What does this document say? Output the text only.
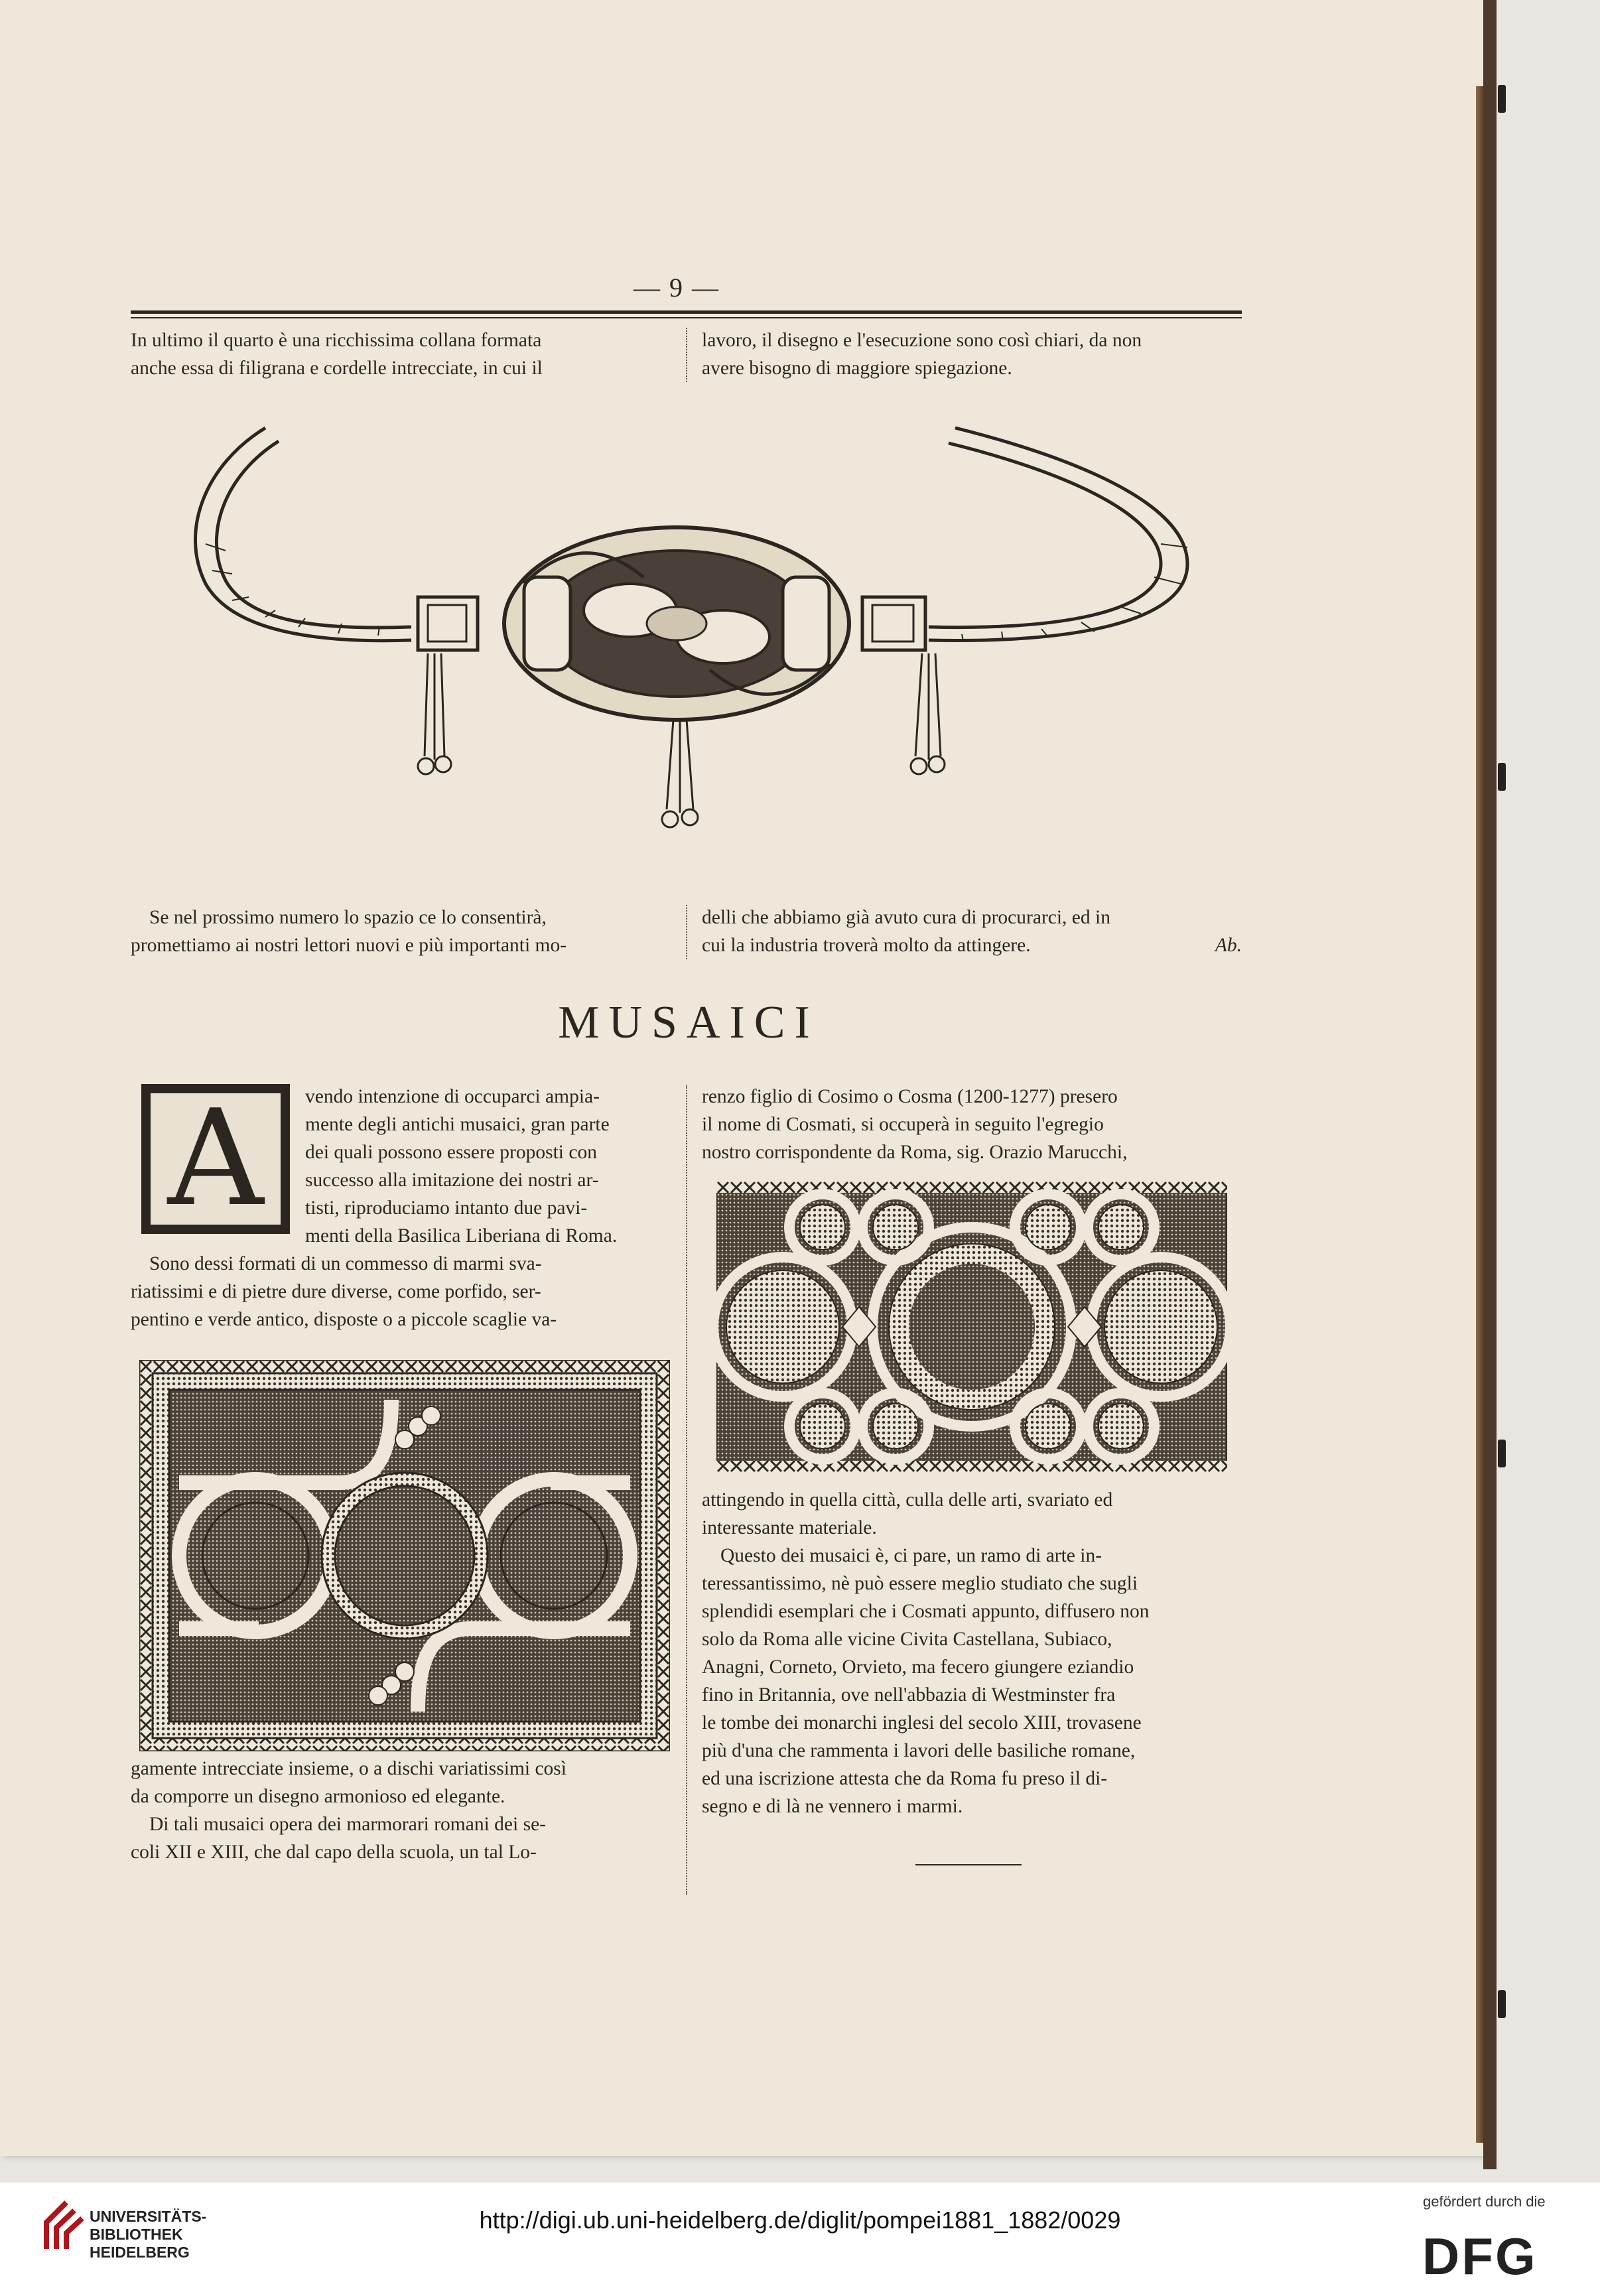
— 9 —
In ultimo il quarto è una ricchissima collana formata
anche essa di filigrana e cordelle intrecciate, in cui il
lavoro, il disegno e l'esecuzione sono così chiari, da non
avere bisogno di maggiore spiegazione.

Se nel prossimo numero lo spazio ce lo consentirà,

promettiamo ai nostri lettori nuovi e più importanti mo-

delli che abbiamo già avuto cura di procurarci, ed in

cui la industria troverà molto da attingere.	Ab.

MUSAICI
A vendo intenzione di occuparci ampia-
mente degli antichi musaici, gran parte
dei quali possono essere proposti con
successo alla imitazione dei nostri ar-
tisti, riproduciamo intanto due pavi-
menti della Basilica Liberiana di Roma.

Sono dessi formati di un commesso di marmi sva-

riatissimi e di pietre dure diverse, come porfido, ser-

pentino e verde antico, disposte o a piccole scaglie va-

gamente intrecciate insieme, o a dischi variatissimi così

da comporre un disegno armonioso ed elegante.

Di tali musaici opera dei marmorari romani dei se-

coli XII e XIII, che dal capo della scuola, un tal Lo-

renzo figlio di Cosimo o Cosma (1200-1277) presero

il nome di Cosmati, si occuperà in seguito l'egregio

nostro corrispondente da Roma, sig. Orazio Marucchi,

attingendo in quella città, culla delle arti, svariato ed

interessante materiale.

Questo dei musaici è, ci pare, un ramo di arte in-

teressantissimo, nè può essere meglio studiato che sugli

splendidi esemplari che i Cosmati appunto, diffusero non

solo da Roma alle vicine Civita Castellana, Subiaco,

Anagni, Corneto, Orvieto, ma fecero giungere eziandio

fino in Britannia, ove nell'abbazia di Westminster fra

le tombe dei monarchi inglesi del secolo XIII, trovasene

più d'una che rammenta i lavori delle basiliche romane,

ed una iscrizione attesta che da Roma fu preso il di-

segno e di là ne vennero i marmi.

UNIVERSITÄTS-
BIBLIOTHEK
HEIDELBERG
http://digi.ub.uni-heidelberg.de/diglit/pompei1881_1882/0029
gefördert durch die
DFG
